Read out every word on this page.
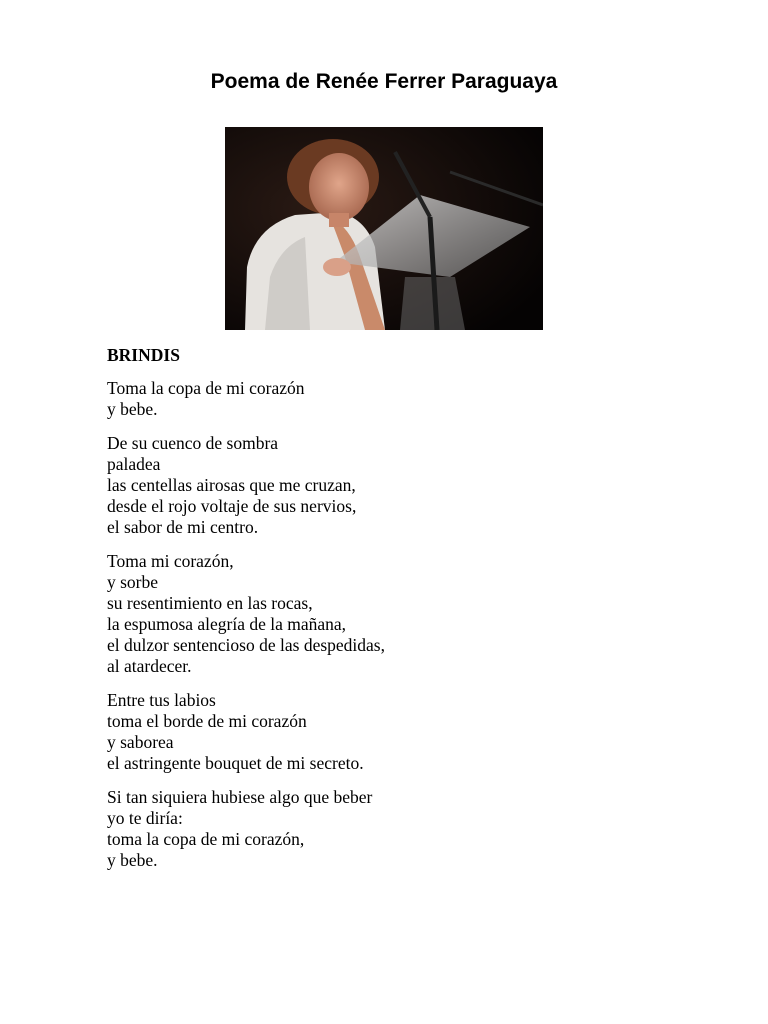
Poema de Renée Ferrer Paraguaya
BRINDIS
Toma la copa de mi corazón
y bebe.
De su cuenco de sombra
paladea
las centellas airosas que me cruzan,
desde el rojo voltaje de sus nervios,
el sabor de mi centro.
Toma mi corazón,
y sorbe
su resentimiento en las rocas,
la espumosa alegría de la mañana,
el dulzor sentencioso de las despedidas,
al atardecer.
Entre tus labios
toma el borde de mi corazón
y saborea
el astringente bouquet de mi secreto.
Si tan siquiera hubiese algo que beber
yo te diría:
toma la copa de mi corazón,
y bebe.
